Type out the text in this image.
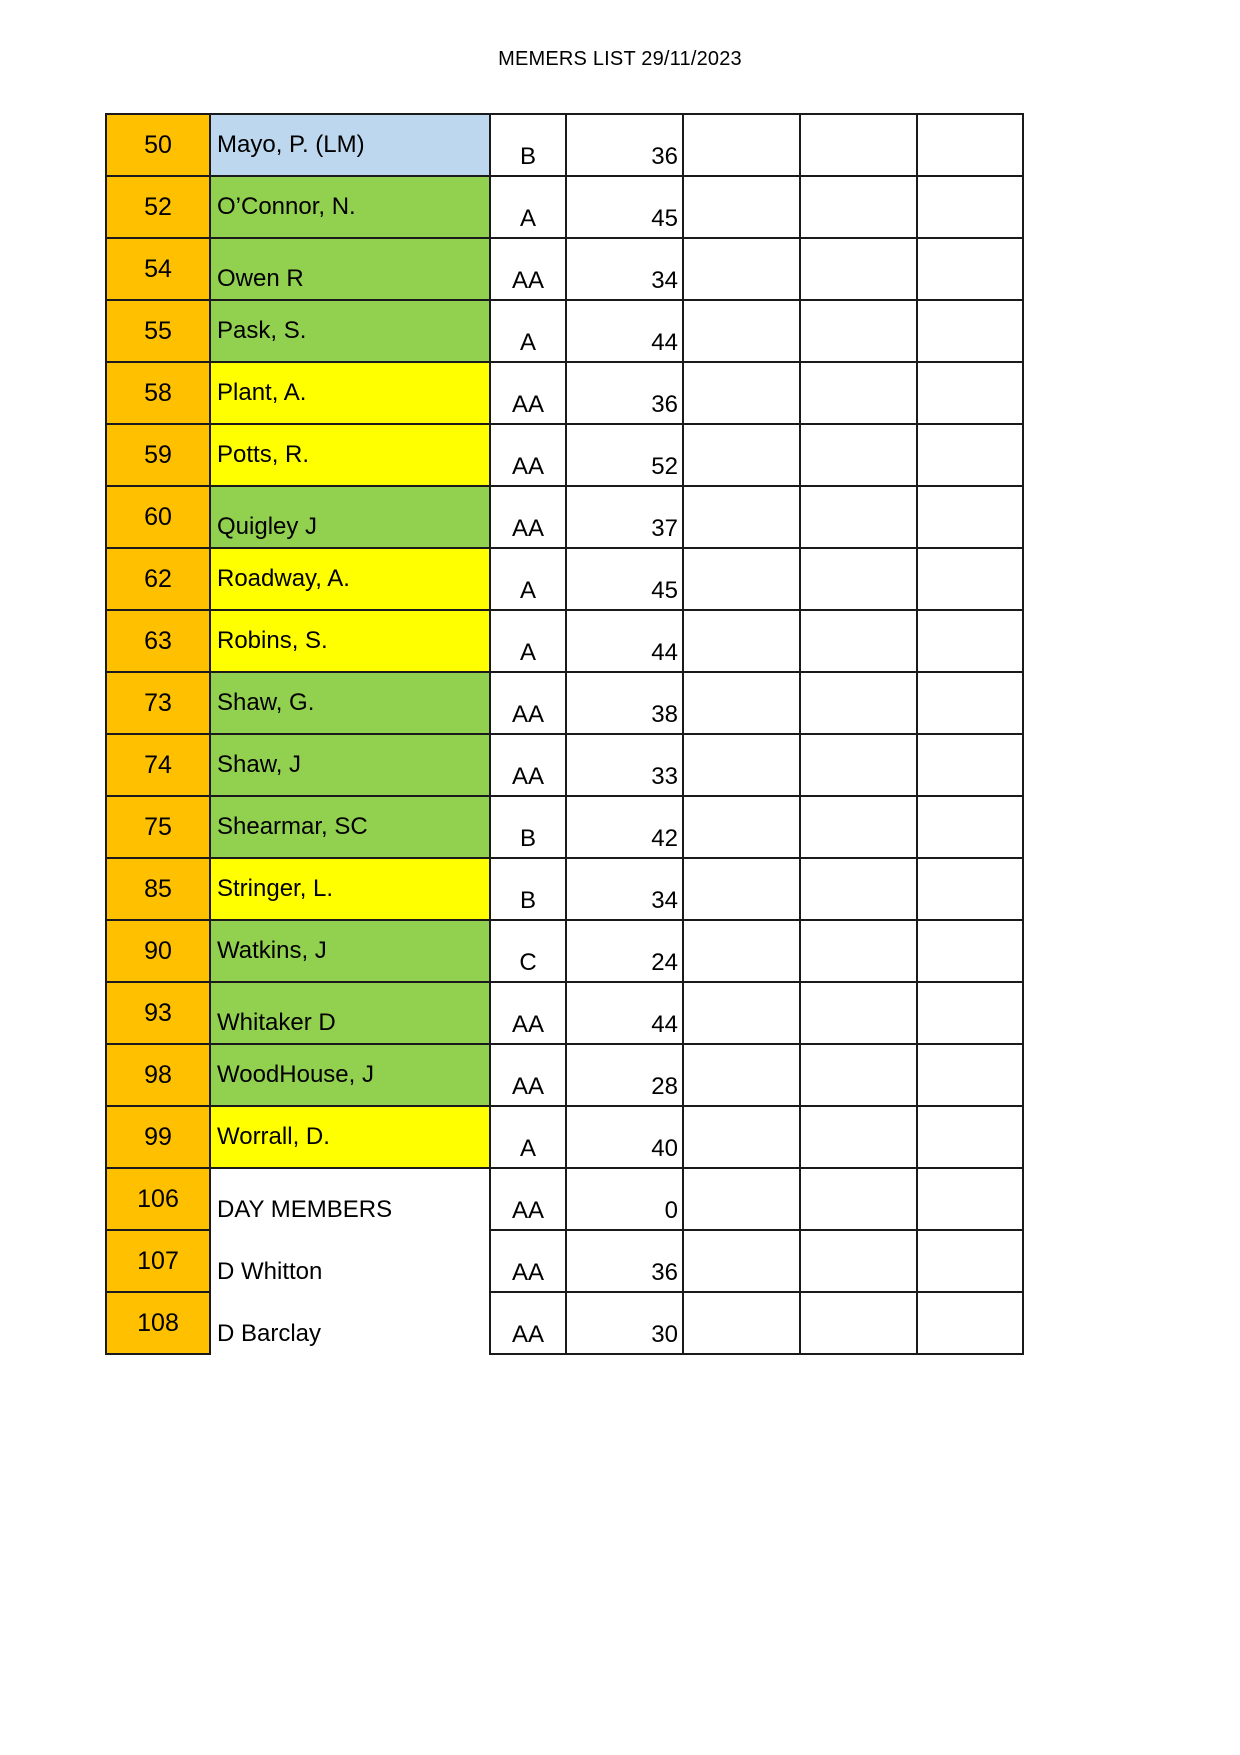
MEMERS LIST 29/11/2023
50	Mayo, P. (LM)	B	36			
52	O’Connor, N.	A	45			
54	Owen R	AA	34			
55	Pask, S.	A	44			
58	Plant, A.	AA	36			
59	Potts, R.	AA	52			
60	Quigley J	AA	37			
62	Roadway, A.	A	45			
63	Robins, S.	A	44			
73	Shaw, G.	AA	38			
74	Shaw, J	AA	33			
75	Shearmar, SC	B	42			
85	Stringer, L.	B	34			
90	Watkins, J	C	24			
93	Whitaker D	AA	44			
98	WoodHouse, J	AA	28			
99	Worrall, D.	A	40			
106	DAY MEMBERS	AA	0			
107	D Whitton	AA	36			
108	D Barclay	AA	30			
